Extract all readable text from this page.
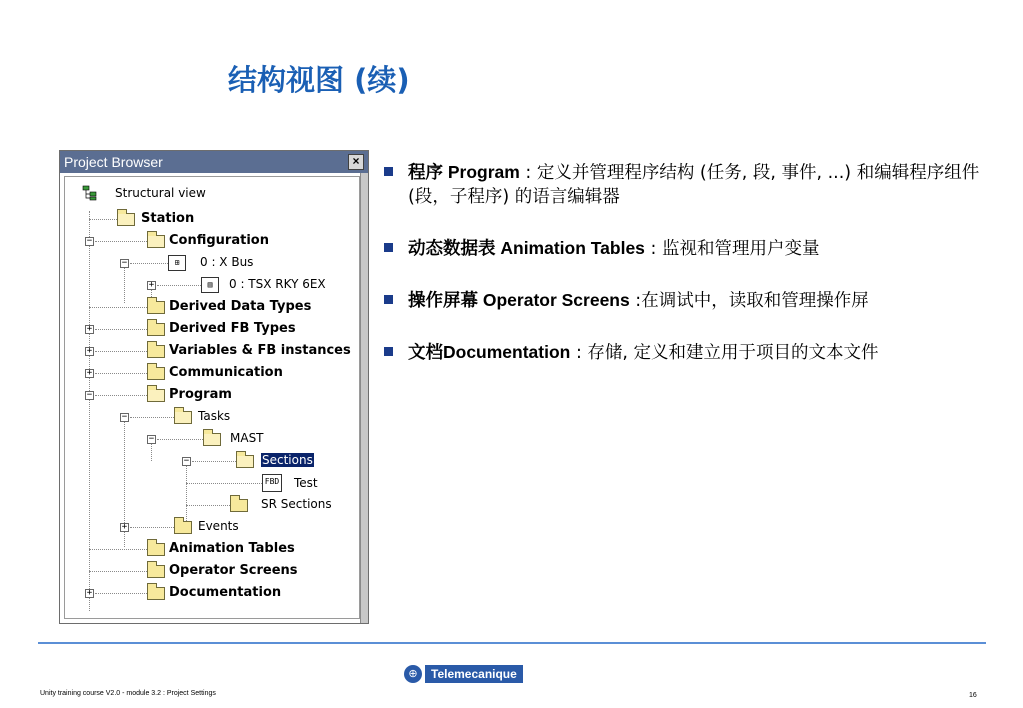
结构视图 (续)
Project Browser	×
Structural view
Station
−	Configuration
−	⊞	0 : X Bus
+	▥	0 : TSX RKY 6EX
Derived Data Types
+	Derived FB Types
+	Variables & FB instances
+	Communication
−	Program
−	Tasks
−	MAST
−	Sections
FBD Test
SR Sections
+	Events
Animation Tables
Operator Screens
+	Documentation
程序 Program : 定义并管理程序结构 (任务, 段, 事件, ...) 和编辑程序组件(段，子程序) 的语言编辑器
动态数据表 Animation Tables : 监视和管理用户变量
操作屏幕 Operator Screens :在调试中，读取和管理操作屏
文档Documentation : 存储, 定义和建立用于项目的文本文件
⊕	Telemecanique
Unity training course V2.0 - module 3.2 : Project Settings	16
